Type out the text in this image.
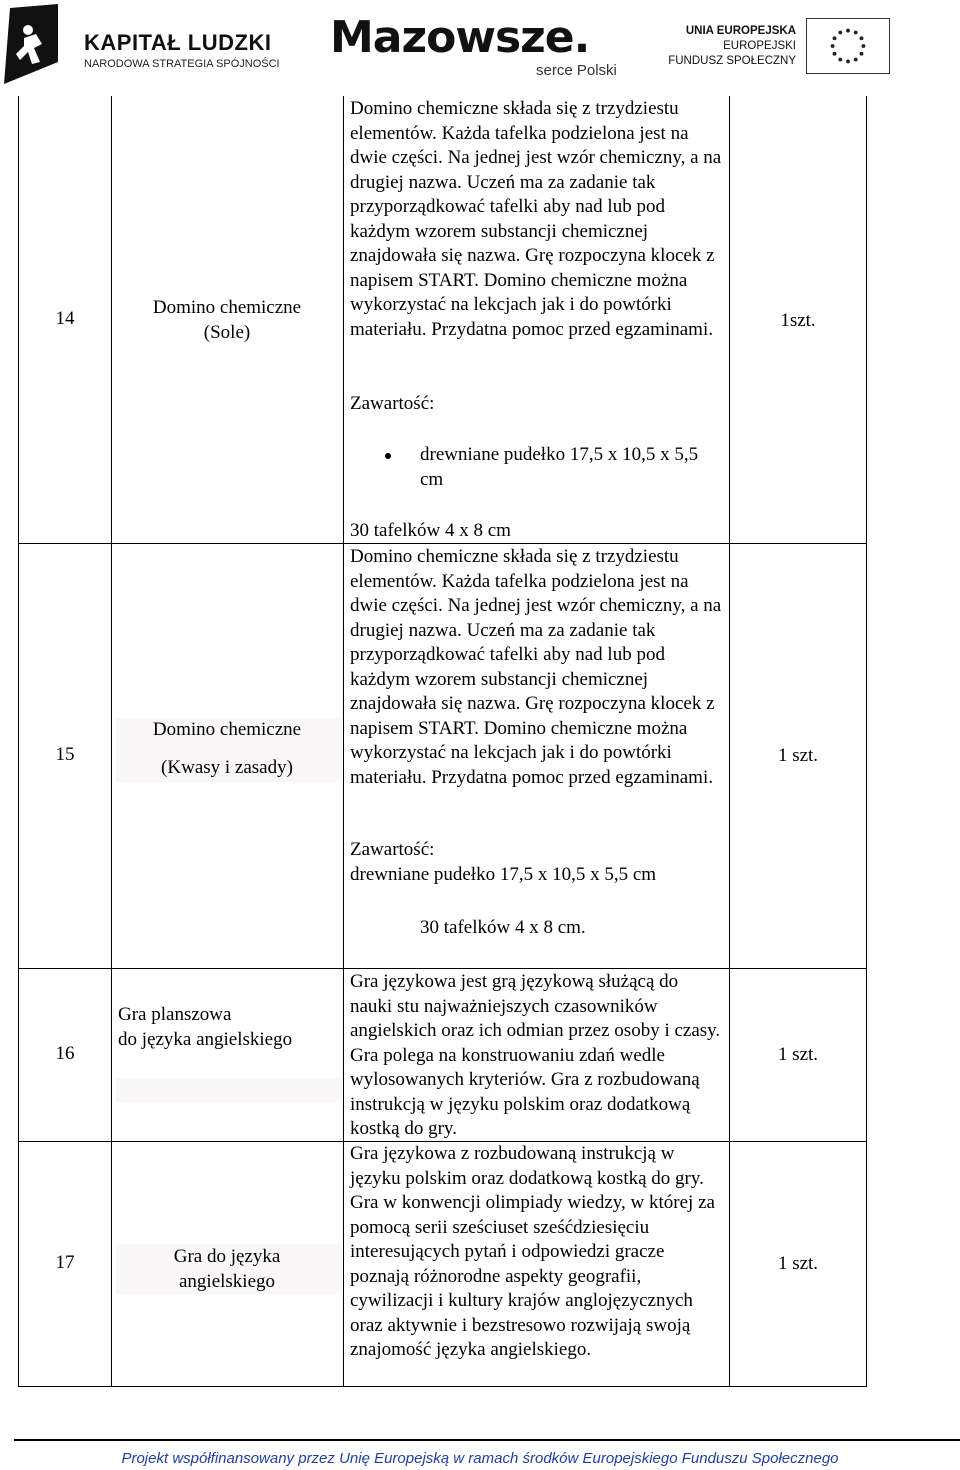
KAPITAŁ LUDZKI
NARODOWA STRATEGIA SPÓJNOŚCI
Mazowsze.
serce Polski
UNIA EUROPEJSKA
EUROPEJSKI
FUNDUSZ SPOŁECZNY
14
Domino chemiczne
(Sole)
Domino chemiczne składa się z trzydziestu elementów. Każda tafelka podzielona jest na dwie części. Na jednej jest wzór chemiczny, a na drugiej nazwa. Uczeń ma za zadanie tak przyporządkować tafelki aby nad lub pod każdym wzorem substancji chemicznej znajdowała się nazwa. Grę rozpoczyna klocek z napisem START. Domino chemiczne można wykorzystać na lekcjach jak i do powtórki materiału. Przydatna pomoc przed egzaminami.
Zawartość:
drewniane pudełko 17,5 x 10,5 x 5,5 cm
30 tafelków 4 x 8 cm
1szt.
15
Domino chemiczne
(Kwasy i zasady)
Domino chemiczne składa się z trzydziestu elementów. Każda tafelka podzielona jest na dwie części. Na jednej jest wzór chemiczny, a na drugiej nazwa. Uczeń ma za zadanie tak przyporządkować tafelki aby nad lub pod każdym wzorem substancji chemicznej znajdowała się nazwa. Grę rozpoczyna klocek z napisem START. Domino chemiczne można wykorzystać na lekcjach jak i do powtórki materiału. Przydatna pomoc przed egzaminami.
Zawartość:
drewniane pudełko 17,5 x 10,5 x 5,5 cm
30 tafelków 4 x 8 cm.
1 szt.
16
Gra planszowa
do języka angielskiego
Gra językowa jest grą językową służącą do nauki stu najważniejszych czasowników angielskich oraz ich odmian przez osoby i czasy. Gra polega na konstruowaniu zdań wedle wylosowanych kryteriów. Gra z rozbudowaną instrukcją w języku polskim oraz dodatkową kostką do gry.
1 szt.
17	Gra do języka
angielskiego
Gra językowa z rozbudowaną instrukcją w języku polskim oraz dodatkową kostką do gry. Gra w konwencji olimpiady wiedzy, w której za pomocą serii sześciuset sześćdziesięciu interesujących pytań i odpowiedzi gracze poznają różnorodne aspekty geografii, cywilizacji i kultury krajów anglojęzycznych oraz aktywnie i bezstresowo rozwijają swoją znajomość języka angielskiego.
1 szt.
Projekt współfinansowany przez Unię Europejską w ramach środków Europejskiego Funduszu Społecznego
